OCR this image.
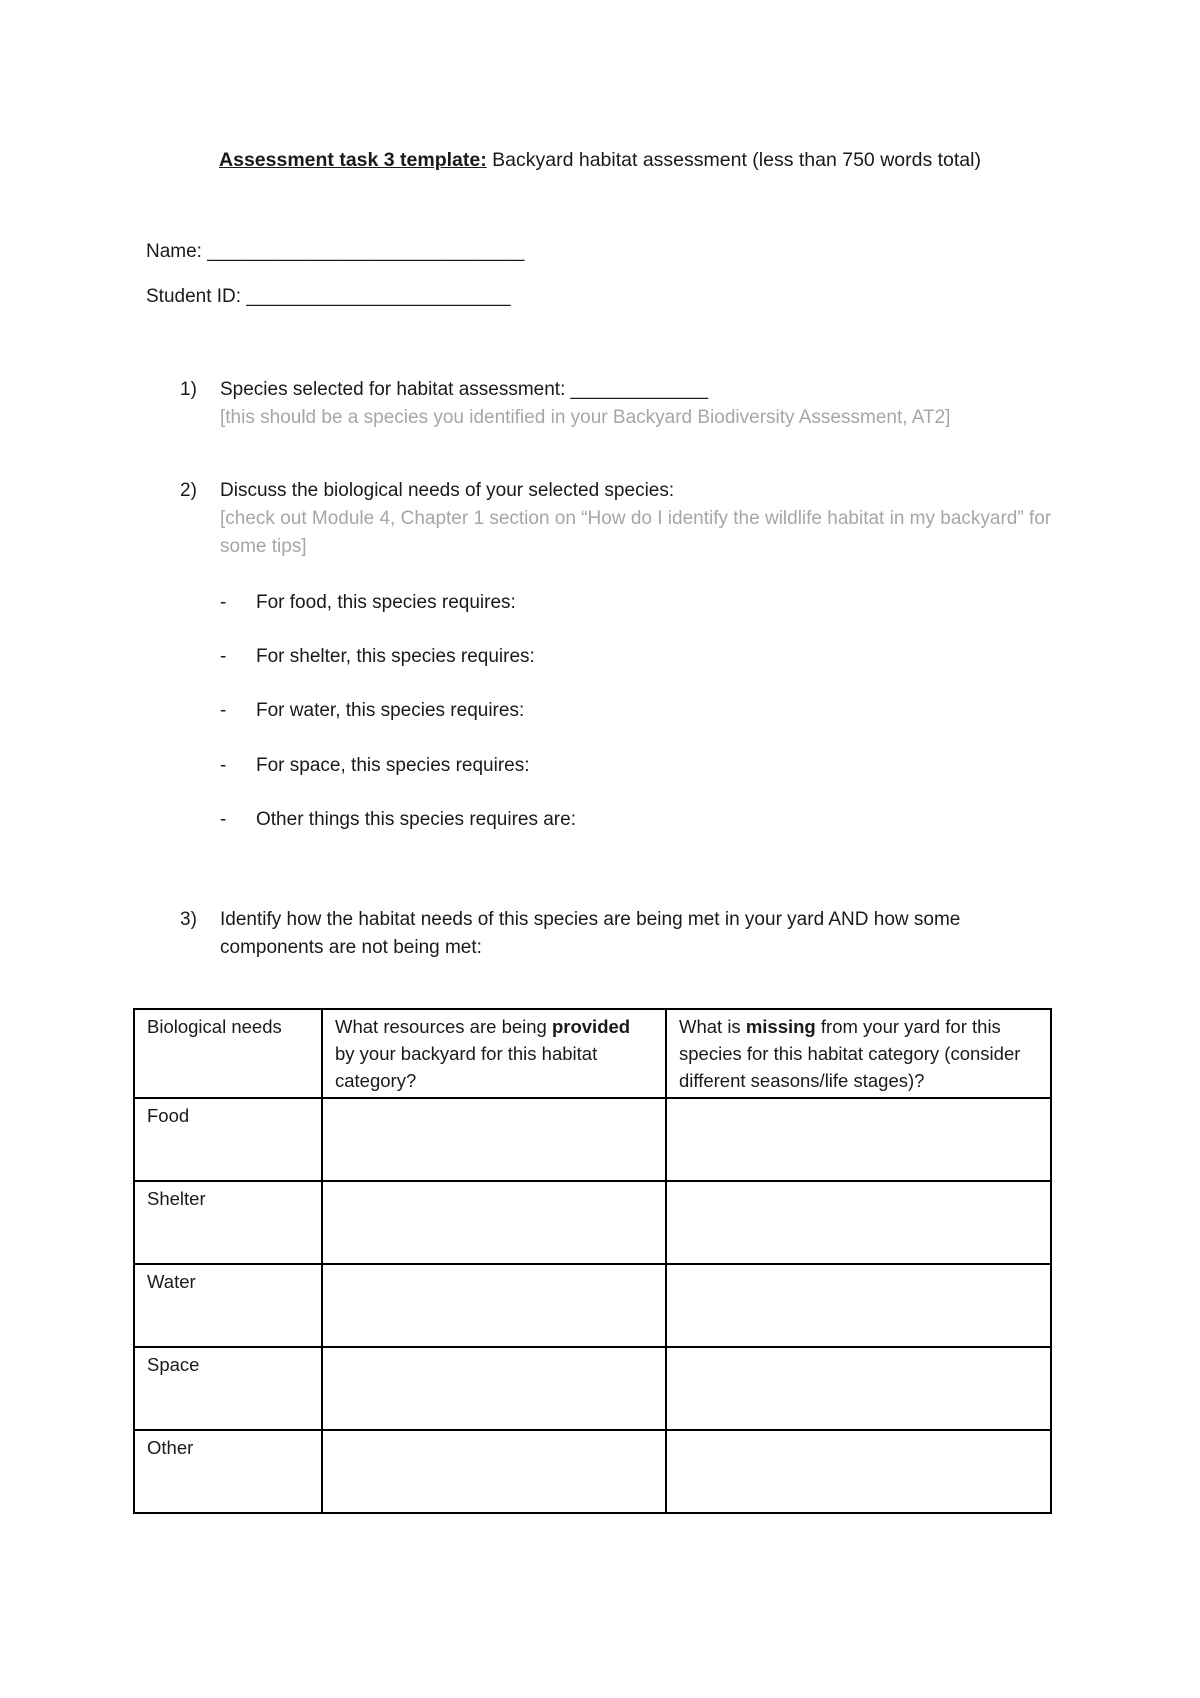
Assessment task 3 template: Backyard habitat assessment (less than 750 words total)
Name: ______________________________
Student ID: _________________________
1) Species selected for habitat assessment: _____________
[this should be a species you identified in your Backyard Biodiversity Assessment, AT2]
2) Discuss the biological needs of your selected species:
[check out Module 4, Chapter 1 section on “How do I identify the wildlife habitat in my backyard” for some tips]
- For food, this species requires:
- For shelter, this species requires:
- For water, this species requires:
- For space, this species requires:
- Other things this species requires are:
3) Identify how the habitat needs of this species are being met in your yard AND how some components are not being met:
Biological needs	What resources are being provided by your backyard for this habitat category?	What is missing from your yard for this species for this habitat category (consider different seasons/life stages)?
Food		
Shelter		
Water		
Space		
Other		
